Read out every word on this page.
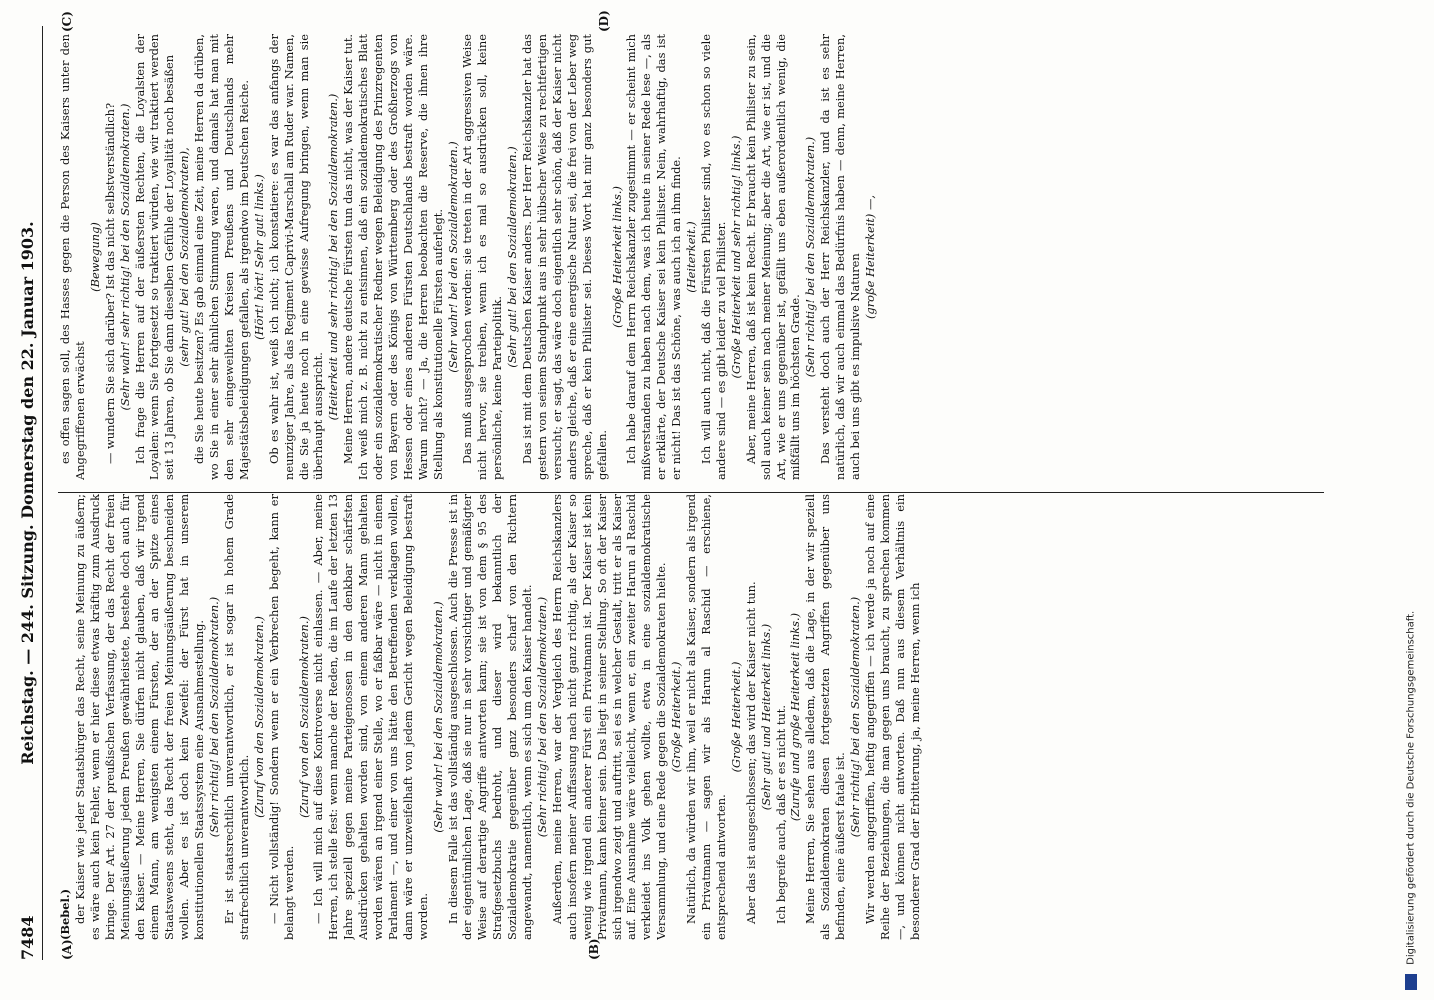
7484
Reichstag. — 244. Sitzung. Donnerstag den 22. Januar 1903.
(A)	(B)
(C)	(D)

(Bebel.) der Kaiser wie jeder Staatsbürger das Recht, seine Meinung zu äußern; es wäre auch kein Fehler, wenn er hier diese etwas kräftig zum Ausdruck bringe. Der Art. 27 der preußischen Verfassung, der das Recht der freien Meinungsäußerung jedem Preußen gewährleistete, bestehe doch auch für den Kaiser. — Meine Herren, Sie dürfen nicht glauben, daß wir irgend einem Mann, am wenigsten einem Fürsten, der an der Spitze eines Staatswesens steht, das Recht der freien Meinungsäußerung beschneiden wollen. Aber es ist doch kein Zweifel: der Fürst hat in unserem konstitutionellen Staatssystem eine Ausnahmestellung. (Sehr richtig! bei den Sozialdemokraten.) Er ist staatsrechtlich unverantwortlich, er ist sogar in hohem Grade strafrechtlich unverantwortlich.

(Zuruf von den Sozialdemokraten.) — Nicht vollständig! Sondern wenn er ein Verbrechen begeht, kann er belangt werden.

(Zuruf von den Sozialdemokraten.) — Ich will mich auf diese Kontroverse nicht einlassen. — Aber, meine Herren, ich stelle fest: wenn manche der Reden, die im Laufe der letzten 13 Jahre speziell gegen meine Parteigenossen in den denkbar schärfsten Ausdrücken gehalten worden sind, von einem anderen Mann gehalten worden wären an irgend einer Stelle, wo er faßbar wäre — nicht in einem Parlament —, und einer von uns hätte den Betreffenden verklagen wollen, dann wäre er unzweifelhaft von jedem Gericht wegen Beleidigung bestraft worden.

(Sehr wahr! bei den Sozialdemokraten.) In diesem Falle ist das vollständig ausgeschlossen. Auch die Presse ist in der eigentümlichen Lage, daß sie nur in sehr vorsichtiger und gemäßigter Weise auf derartige Angriffe antworten kann; sie ist von dem § 95 des Strafgesetzbuchs bedroht, und dieser wird bekanntlich der Sozialdemokratie gegenüber ganz besonders scharf von den Richtern angewandt, namentlich, wenn es sich um den Kaiser handelt. (Sehr richtig! bei den Sozialdemokraten.) Außerdem, meine Herren, war der Vergleich des Herrn Reichskanzlers auch insofern meiner Auffassung nach nicht ganz richtig, als der Kaiser so wenig wie irgend ein anderer Fürst ein Privatmann ist. Der Kaiser ist kein Privatmann, kann keiner sein. Das liegt in seiner Stellung. So oft der Kaiser sich irgendwo zeigt und auftritt, sei es in welcher Gestalt, tritt er als Kaiser auf. Eine Ausnahme wäre vielleicht, wenn er, ein zweiter Harun al Raschid verkleidet ins Volk gehen wollte, etwa in eine sozialdemokratische Versammlung, und eine Rede gegen die Sozialdemokraten hielte. (Große Heiterkeit.) Natürlich, da würden wir ihm, weil er nicht als Kaiser, sondern als irgend ein Privatmann — sagen wir als Harun al Raschid — erschiene, entsprechend antworten.

(Große Heiterkeit.) Aber das ist ausgeschlossen; das wird der Kaiser nicht tun. (Sehr gut! und Heiterkeit links.) Ich begreife auch, daß er es nicht tut. (Zurufe und große Heiterkeit links.) Meine Herren, Sie sehen aus alledem, daß die Lage, in der wir speziell als Sozialdemokraten diesen fortgesetzten Angriffen gegenüber uns befinden, eine äußerst fatale ist.

(Sehr richtig! bei den Sozialdemokraten.) Wir werden angegriffen, heftig angegriffen — ich werde ja noch auf eine Reihe der Beziehungen, die man gegen uns braucht, zu sprechen kommen —, und können nicht antworten. Daß nun aus diesem Verhältnis ein besonderer Grad der Erbitterung, ja, meine Herren, wenn ich

es offen sagen soll, des Hasses gegen die Person des Kaisers unter den Angegriffenen erwächst

(Bewegung) — wundern Sie sich darüber? Ist das nicht selbstverständlich? (Sehr wahr! sehr richtig! bei den Sozialdemokraten.) Ich frage die Herren auf der äußersten Rechten, die Loyalsten der Loyalen: wenn Sie fortgesetzt so traktiert würden, wie wir traktiert werden seit 13 Jahren, ob Sie dann dieselben Gefühle der Loyalität noch besäßen (sehr gut! bei den Sozialdemokraten), die Sie heute besitzen? Es gab einmal eine Zeit, meine Herren da drüben, wo Sie in einer sehr ähnlichen Stimmung waren, und damals hat man mit den sehr eingeweihten Kreisen Preußens und Deutschlands mehr Majestätsbeleidigungen gefallen, als irgendwo im Deutschen Reiche. (Hört! hört! Sehr gut! links.) Ob es wahr ist, weiß ich nicht; ich konstatiere: es war das anfangs der neunziger Jahre, als das Regiment Caprivi-Marschall am Ruder war. Namen, die Sie ja heute noch in eine gewisse Aufregung bringen, wenn man sie überhaupt ausspricht. (Heiterkeit und sehr richtig! bei den Sozialdemokraten.) Meine Herren, andere deutsche Fürsten tun das nicht, was der Kaiser tut. Ich weiß mich z. B. nicht zu entsinnen, daß ein sozialdemokratisches Blatt oder ein sozialdemokratischer Redner wegen Beleidigung des Prinzregenten von Bayern oder des Königs von Württemberg oder des Großherzogs von Hessen oder eines anderen Fürsten Deutschlands bestraft worden wäre. Warum nicht? — Ja, die Herren beobachten die Reserve, die ihnen ihre Stellung als konstitutionelle Fürsten auferlegt. (Sehr wahr! bei den Sozialdemokraten.) Das muß ausgesprochen werden: sie treten in der Art aggressiven Weise nicht hervor, sie treiben, wenn ich es mal so ausdrücken soll, keine persönliche, keine Parteipolitik.

(Sehr gut! bei den Sozialdemokraten.) Das ist mit dem Deutschen Kaiser anders. Der Herr Reichskanzler hat das gestern von seinem Standpunkt aus in sehr hübscher Weise zu rechtfertigen versucht; er sagt, das wäre doch eigentlich sehr schön, daß der Kaiser nicht anders gleiche, daß er eine energische Natur sei, die frei von der Leber weg spreche, daß er kein Philister sei. Dieses Wort hat mir ganz besonders gut gefallen.

(Große Heiterkeit links.) Ich habe darauf dem Herrn Reichskanzler zugestimmt — er scheint mich mißverstanden zu haben nach dem, was ich heute in seiner Rede lese —, als er erklärte, der Deutsche Kaiser sei kein Philister. Nein, wahrhaftig, das ist er nicht! Das ist das Schöne, was auch ich an ihm finde. (Heiterkeit.) Ich will auch nicht, daß die Fürsten Philister sind, wo es schon so viele andere sind — es gibt leider zu viel Philister. (Große Heiterkeit und sehr richtig! links.) Aber, meine Herren, daß ist kein Recht. Er braucht kein Philister zu sein, soll auch keiner sein nach meiner Meinung; aber die Art, wie er ist, und die Art, wie er uns gegenüber ist, gefällt uns eben außerordentlich wenig, die mißfällt uns im höchsten Grade.

(Sehr richtig! bei den Sozialdemokraten.) Das versteht doch auch der Herr Reichskanzler, und da ist es sehr natürlich, daß wir auch einmal das Bedürfnis haben — denn, meine Herren, auch bei uns gibt es impulsive Naturen (große Heiterkeit) —,

Digitalisierung gefördert durch die Deutsche Forschungsgemeinschaft.
